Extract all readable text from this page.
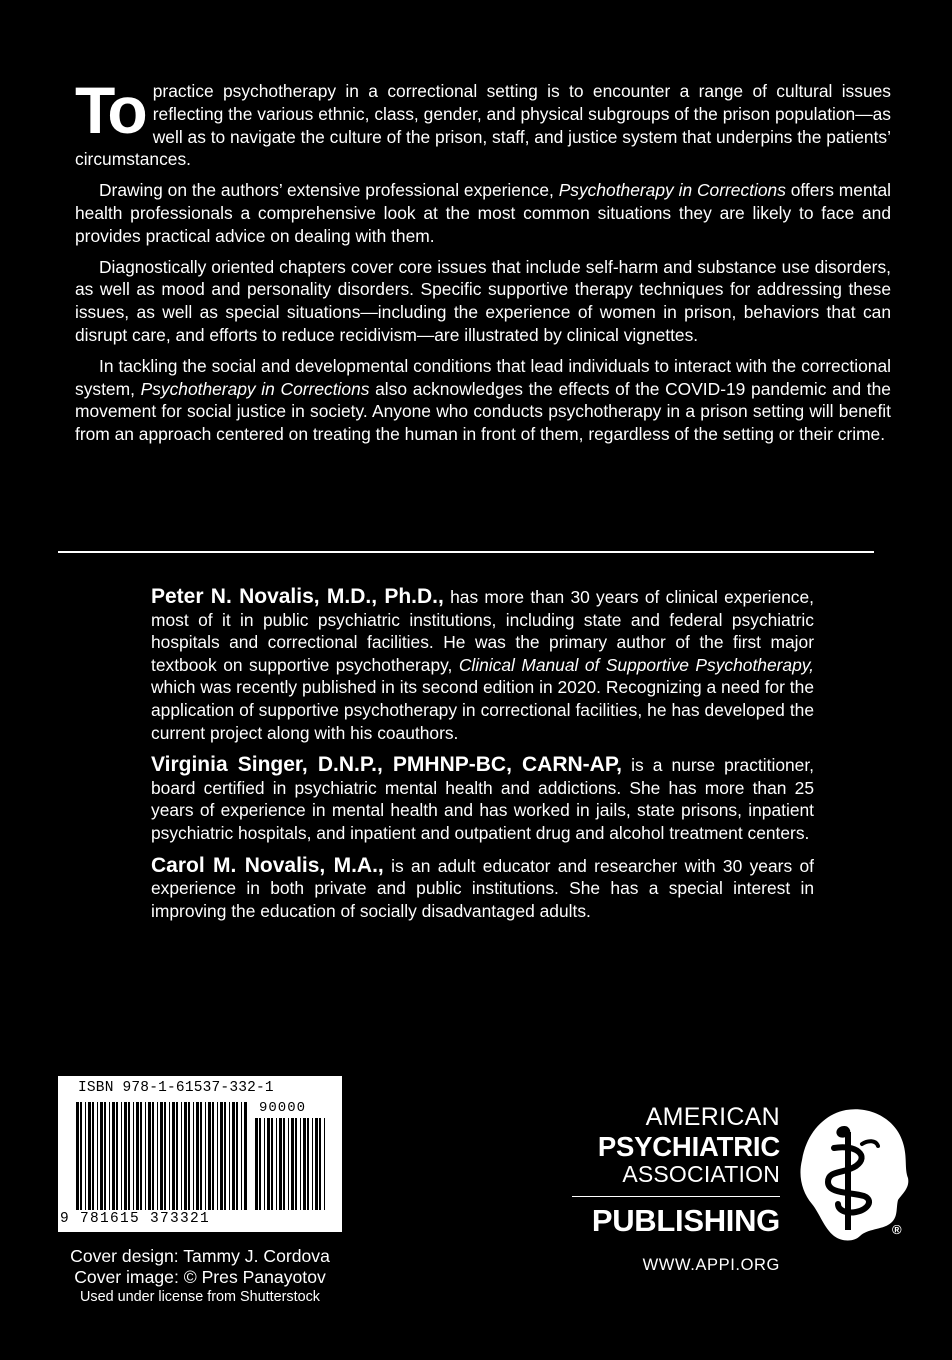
To practice psychotherapy in a correctional setting is to encounter a range of cultural issues reflecting the various ethnic, class, gender, and physical subgroups of the prison population—as well as to navigate the culture of the prison, staff, and justice system that underpins the patients’ circumstances.

Drawing on the authors’ extensive professional experience, Psychotherapy in Corrections offers mental health professionals a comprehensive look at the most common situations they are likely to face and provides practical advice on dealing with them.

Diagnostically oriented chapters cover core issues that include self-harm and substance use disorders, as well as mood and personality disorders. Specific supportive therapy techniques for addressing these issues, as well as special situations—including the experience of women in prison, behaviors that can disrupt care, and efforts to reduce recidivism—are illustrated by clinical vignettes.

In tackling the social and developmental conditions that lead individuals to interact with the correctional system, Psychotherapy in Corrections also acknowledges the effects of the COVID-19 pandemic and the movement for social justice in society. Anyone who conducts psychotherapy in a prison setting will benefit from an approach centered on treating the human in front of them, regardless of the setting or their crime.

Peter N. Novalis, M.D., Ph.D., has more than 30 years of clinical experience, most of it in public psychiatric institutions, including state and federal psychiatric hospitals and correctional facilities. He was the primary author of the first major textbook on supportive psychotherapy, Clinical Manual of Supportive Psychotherapy, which was recently published in its second edition in 2020. Recognizing a need for the application of supportive psychotherapy in correctional facilities, he has developed the current project along with his coauthors.

Virginia Singer, D.N.P., PMHNP-BC, CARN-AP, is a nurse practitioner, board certified in psychiatric mental health and addictions. She has more than 25 years of experience in mental health and has worked in jails, state prisons, inpatient psychiatric hospitals, and inpatient and outpatient drug and alcohol treatment centers.

Carol M. Novalis, M.A., is an adult educator and researcher with 30 years of experience in both private and public institutions. She has a special interest in improving the education of socially disadvantaged adults.

ISBN 978-1-61537-332-1
90000
9 781615 373321
Cover design: Tammy J. Cordova
Cover image: © Pres Panayotov
Used under license from Shutterstock
AMERICAN
PSYCHIATRIC
ASSOCIATION
PUBLISHING
WWW.APPI.ORG
®
